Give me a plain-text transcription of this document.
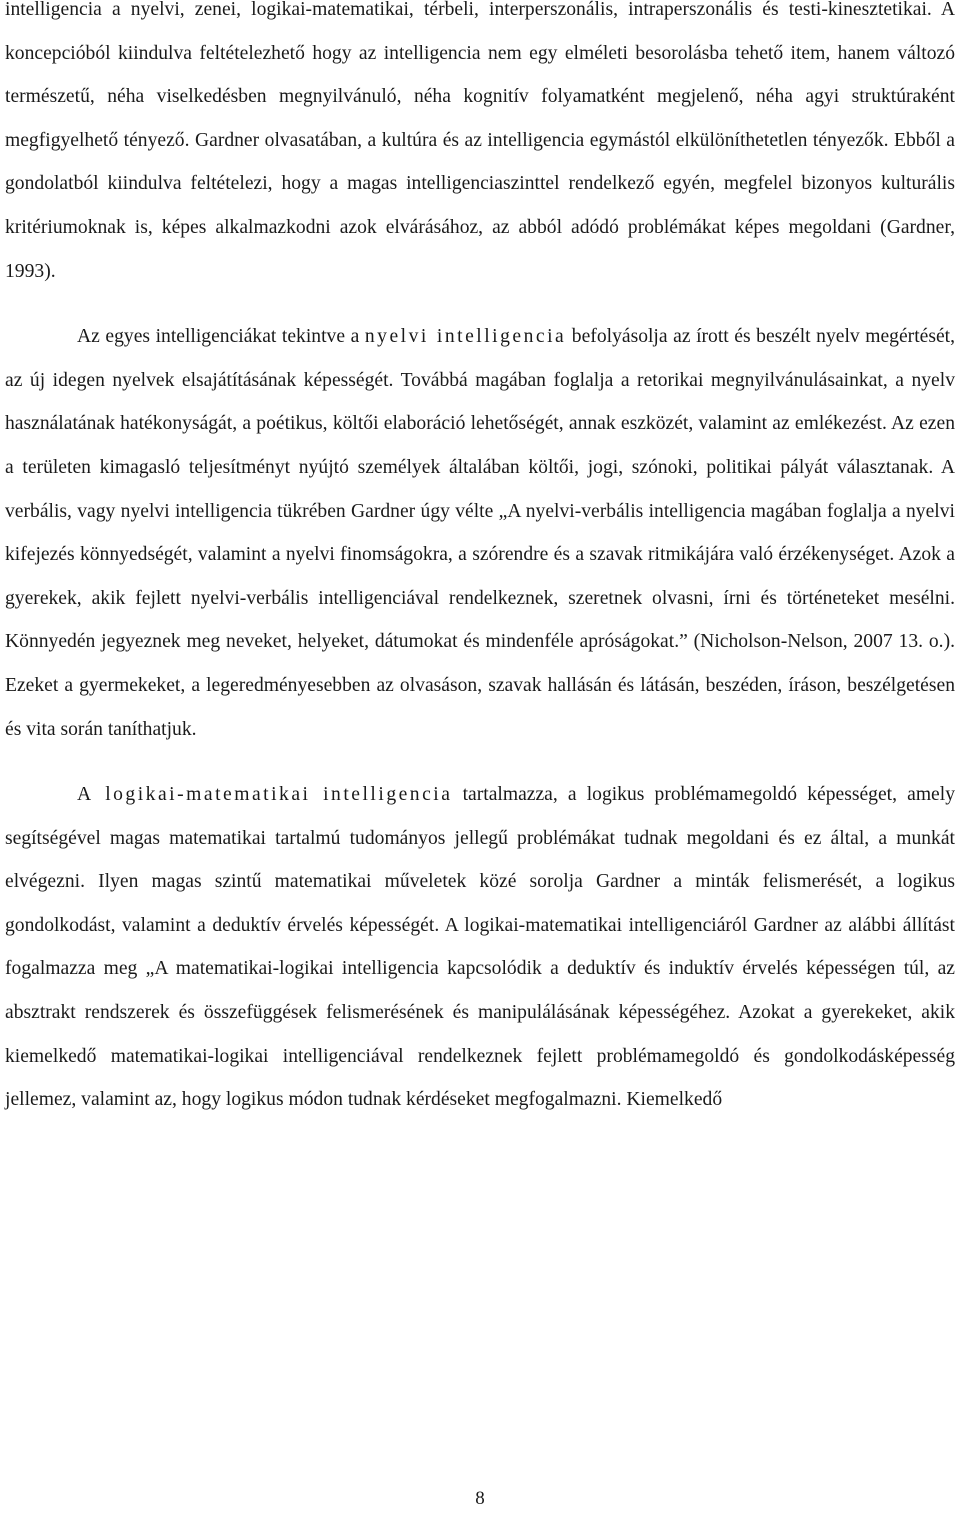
intelligencia a nyelvi, zenei, logikai-matematikai, térbeli, interperszonális, intraperszonális és testi-kinesztetikai. A koncepcióból kiindulva feltételezhető hogy az intelligencia nem egy elméleti besorolásba tehető item, hanem változó természetű, néha viselkedésben megnyilvánuló, néha kognitív folyamatként megjelenő, néha agyi struktúraként megfigyelhető tényező. Gardner olvasatában, a kultúra és az intelligencia egymástól elkülöníthetetlen tényezők. Ebből a gondolatból kiindulva feltételezi, hogy a magas intelligenciaszinttel rendelkező egyén, megfelel bizonyos kulturális kritériumoknak is, képes alkalmazkodni azok elvárásához, az abból adódó problémákat képes megoldani (Gardner, 1993).

Az egyes intelligenciákat tekintve a nyelvi intelligencia befolyásolja az írott és beszélt nyelv megértését, az új idegen nyelvek elsajátításának képességét. Továbbá magában foglalja a retorikai megnyilvánulásainkat, a nyelv használatának hatékonyságát, a poétikus, költői elaboráció lehetőségét, annak eszközét, valamint az emlékezést. Az ezen a területen kimagasló teljesítményt nyújtó személyek általában költői, jogi, szónoki, politikai pályát választanak. A verbális, vagy nyelvi intelligencia tükrében Gardner úgy vélte „A nyelvi-verbális intelligencia magában foglalja a nyelvi kifejezés könnyedségét, valamint a nyelvi finomságokra, a szórendre és a szavak ritmikájára való érzékenységet. Azok a gyerekek, akik fejlett nyelvi-verbális intelligenciával rendelkeznek, szeretnek olvasni, írni és történeteket mesélni. Könnyedén jegyeznek meg neveket, helyeket, dátumokat és mindenféle apróságokat.” (Nicholson-Nelson, 2007 13. o.). Ezeket a gyermekeket, a legeredményesebben az olvasáson, szavak hallásán és látásán, beszéden, íráson, beszélgetésen és vita során taníthatjuk.

A logikai-matematikai intelligencia tartalmazza, a logikus problémamegoldó képességet, amely segítségével magas matematikai tartalmú tudományos jellegű problémákat tudnak megoldani és ez által, a munkát elvégezni. Ilyen magas szintű matematikai műveletek közé sorolja Gardner a minták felismerését, a logikus gondolkodást, valamint a deduktív érvelés képességét. A logikai-matematikai intelligenciáról Gardner az alábbi állítást fogalmazza meg „A matematikai-logikai intelligencia kapcsolódik a deduktív és induktív érvelés képességen túl, az absztrakt rendszerek és összefüggések felismerésének és manipulálásának képességéhez. Azokat a gyerekeket, akik kiemelkedő matematikai-logikai intelligenciával rendelkeznek fejlett problémamegoldó és gondolkodásképesség jellemez, valamint az, hogy logikus módon tudnak kérdéseket megfogalmazni. Kiemelkedő

8
